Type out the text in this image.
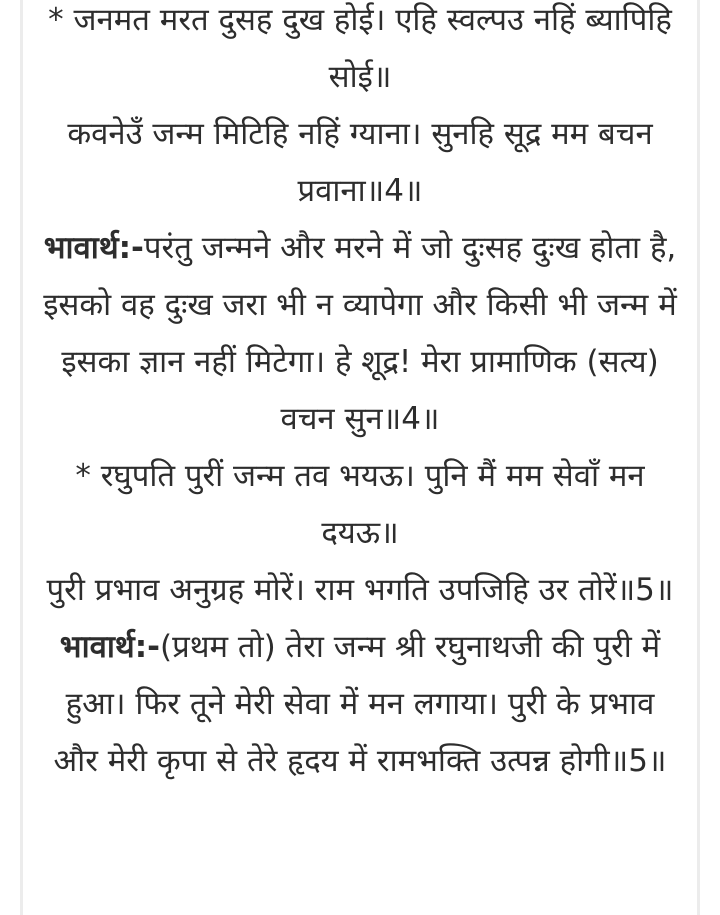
* जनमत मरत दुसह दुख होई। एहि स्वल्पउ नहिं ब्यापिहि सोई॥

कवनेउँ जन्म मिटिहि नहिं ग्याना। सुनहि सूद्र मम बचन प्रवाना॥4॥

भावार्थ:-परंतु जन्मने और मरने में जो दुःसह दुःख होता है, इसको वह दुःख जरा भी न व्यापेगा और किसी भी जन्म में इसका ज्ञान नहीं मिटेगा। हे शूद्र! मेरा प्रामाणिक (सत्य) वचन सुन॥4॥

* रघुपति पुरीं जन्म तव भयऊ। पुनि मैं मम सेवाँ मन दयऊ॥

पुरी प्रभाव अनुग्रह मोरें। राम भगति उपजिहि उर तोरें॥5॥

भावार्थ:-(प्रथम तो) तेरा जन्म श्री रघुनाथजी की पुरी में हुआ। फिर तूने मेरी सेवा में मन लगाया। पुरी के प्रभाव और मेरी कृपा से तेरे हृदय में रामभक्ति उत्पन्न होगी॥5॥
